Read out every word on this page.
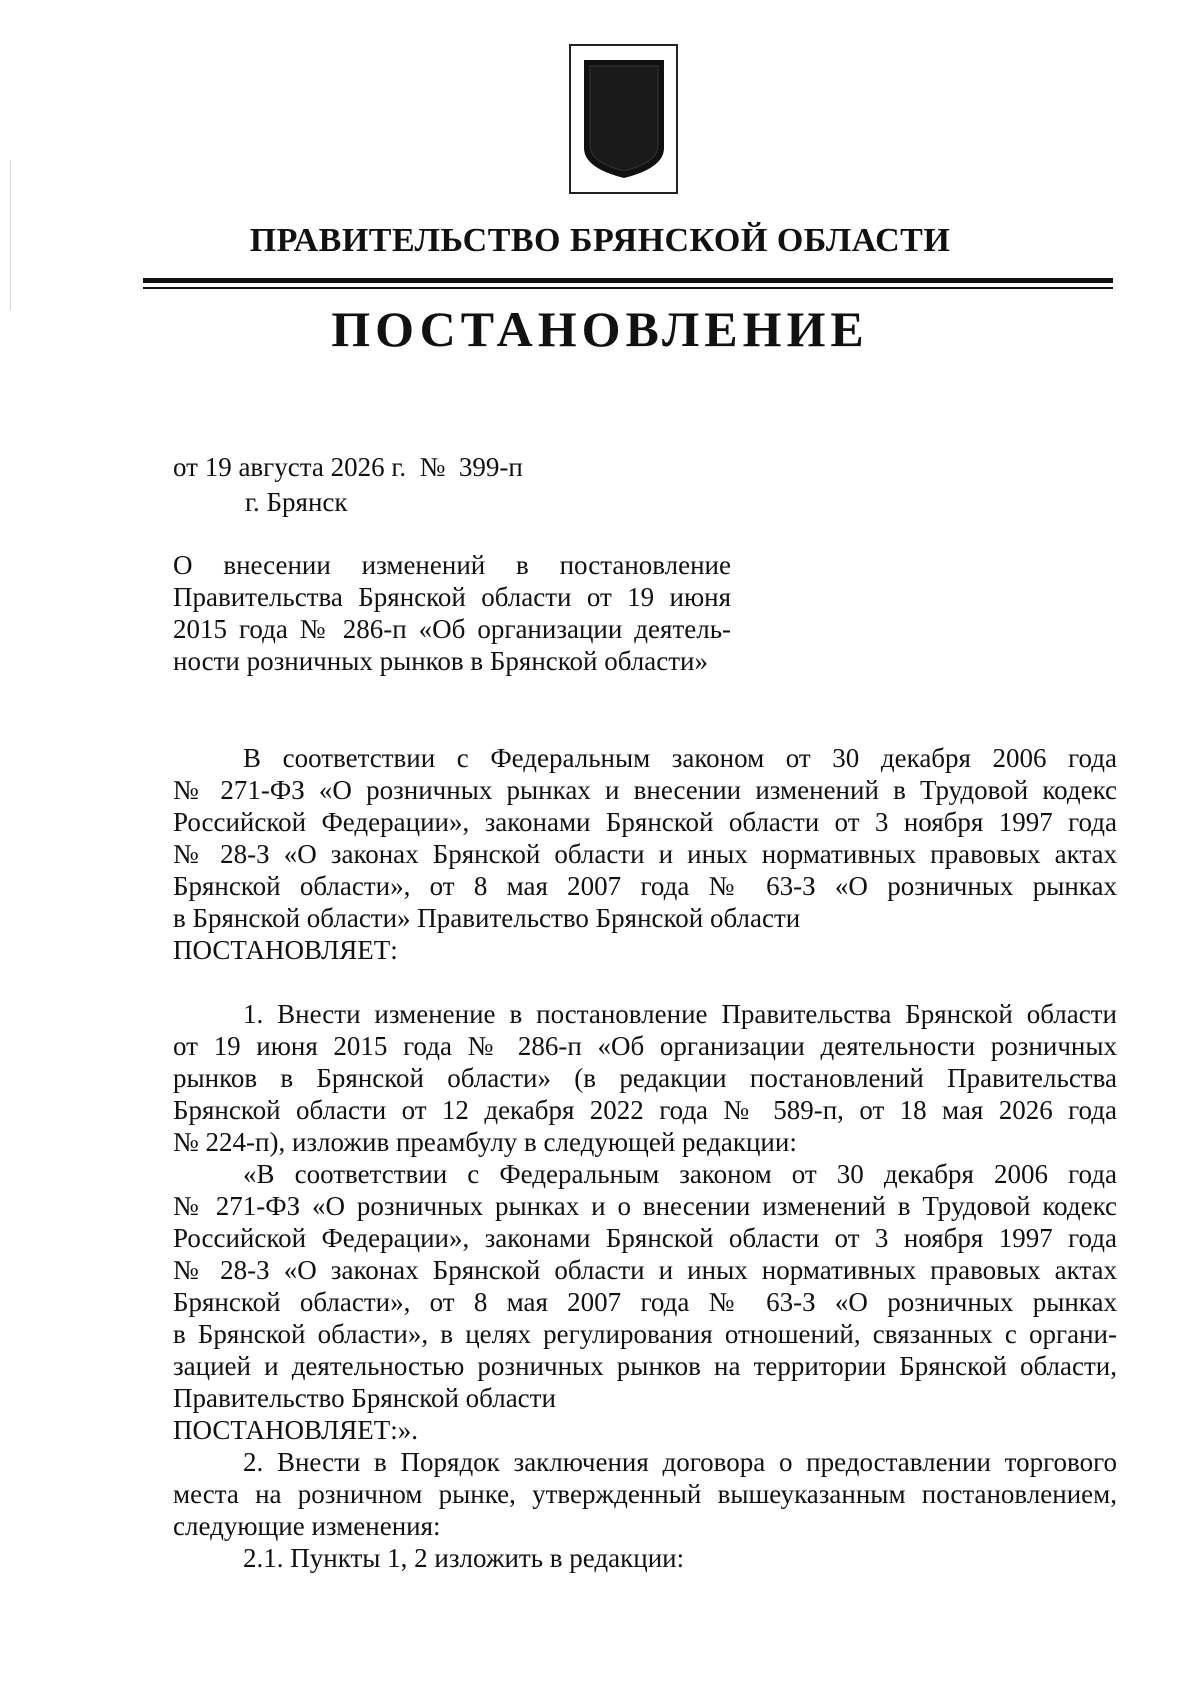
ПРАВИТЕЛЬСТВО БРЯНСКОЙ ОБЛАСТИ
ПОСТАНОВЛЕНИЕ
от 19 августа 2026 г.  №  399-п
г. Брянск
О внесении изменений в постановление
Правительства Брянской области от 19 июня
2015 года № 286-п «Об организации деятель-
ности розничных рынков в Брянской области»
В соответствии с Федеральным законом от 30 декабря 2006 года
№ 271-ФЗ «О розничных рынках и внесении изменений в Трудовой кодекс
Российской Федерации», законами Брянской области от 3 ноября 1997 года
№ 28-З «О законах Брянской области и иных нормативных правовых актах
Брянской области», от 8 мая 2007 года № 63-З «О розничных рынках
в Брянской области» Правительство Брянской области
ПОСТАНОВЛЯЕТ:
1. Внести изменение в постановление Правительства Брянской области
от 19 июня 2015 года № 286-п «Об организации деятельности розничных
рынков в Брянской области» (в редакции постановлений Правительства
Брянской области от 12 декабря 2022 года № 589-п, от 18 мая 2026 года
№ 224-п), изложив преамбулу в следующей редакции:
«В соответствии с Федеральным законом от 30 декабря 2006 года
№ 271-ФЗ «О розничных рынках и о внесении изменений в Трудовой кодекс
Российской Федерации», законами Брянской области от 3 ноября 1997 года
№ 28-З «О законах Брянской области и иных нормативных правовых актах
Брянской области», от 8 мая 2007 года № 63-З «О розничных рынках
в Брянской области», в целях регулирования отношений, связанных с органи-
зацией и деятельностью розничных рынков на территории Брянской области,
Правительство Брянской области
ПОСТАНОВЛЯЕТ:».
2. Внести в Порядок заключения договора о предоставлении торгового
места на розничном рынке, утвержденный вышеуказанным постановлением,
следующие изменения:
2.1. Пункты 1, 2 изложить в редакции:
